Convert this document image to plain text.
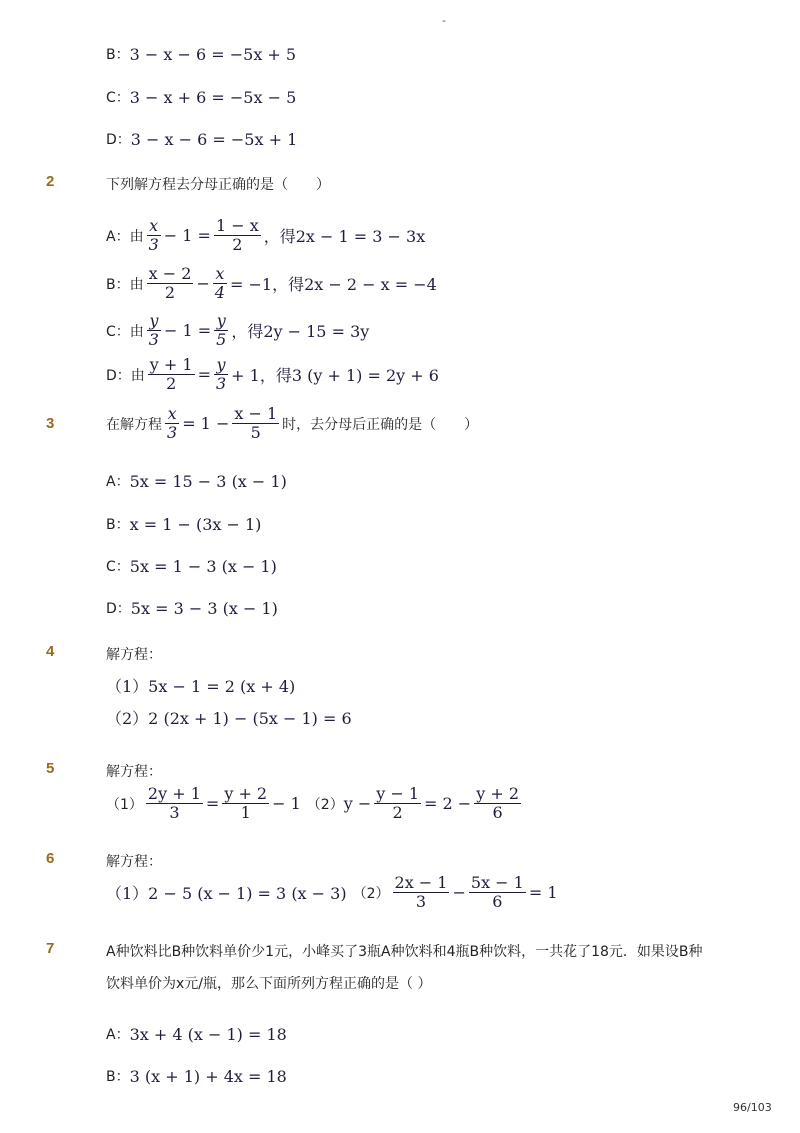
-
B： 3 − x − 6 = −5x + 5
C： 3 − x + 6 = −5x − 5
D： 3 − x − 6 = −5x + 1
2	下列解方程去分母正确的是（　　）
A： 由 $\frac{x}{3} - 1 = \frac{1 - x}{2}$ ，得2x − 1 = 3 − 3x
B： 由 $\frac{x - 2}{2} - \frac{x}{4} = -1$，得2x − 2 − x = −4
C： 由 $\frac{y}{3} - 1 = \frac{y}{5}$ ，得2y − 15 = 3y
D： 由 $\frac{y + 1}{2} = \frac{y}{3} + 1$，得3 (y + 1) = 2y + 6
3	在解方程 $\frac{x}{3} = 1 - \frac{x - 1}{5}$ 时，去分母后正确的是（　　）
A： 5x = 15 − 3 (x − 1)
B： x = 1 − (3x − 1)
C： 5x = 1 − 3 (x − 1)
D： 5x = 3 − 3 (x − 1)
4	解方程：
（1）5x − 1 = 2 (x + 4)
（2）2 (2x + 1) − (5x − 1) = 6
5	解方程：
$(1) \frac{2y + 1}{3} = \frac{y + 2}{1} - 1$ （2） $y - \frac{y - 1}{2} = 2 - \frac{y + 2}{6}$
6	解方程：
（1）2 − 5 (x − 1) = 3 (x − 3) $(2) \frac{2x - 1}{3} - \frac{5x - 1}{6} = 1$
7	A种饮料比B种饮料单价少1元，小峰买了3瓶A种饮料和4瓶B种饮料，一共花了18元．如果设B种
饮料单价为x元/瓶，那么下面所列方程正确的是（ ）
A： 3x + 4 (x − 1) = 18
B： 3 (x + 1) + 4x = 18
96/103
